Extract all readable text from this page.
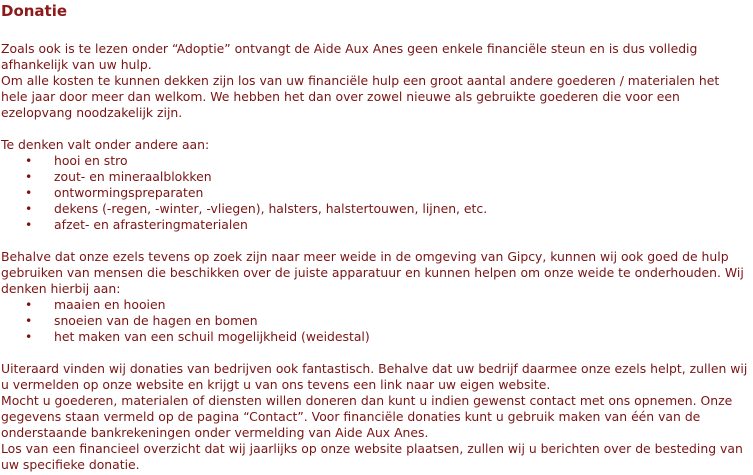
Donatie

Zoals ook is te lezen onder “Adoptie” ontvangt de Aide Aux Anes geen enkele financiële steun en is dus volledig afhankelijk van uw hulp.

Om alle kosten te kunnen dekken zijn los van uw financiële hulp een groot aantal andere goederen / materialen het hele jaar door meer dan welkom. We hebben het dan over zowel nieuwe als gebruikte goederen die voor een ezelopvang noodzakelijk zijn.

Te denken valt onder andere aan:

• hooi en stro
• zout- en mineraalblokken
• ontwormingspreparaten
• dekens (-regen, -winter, -vliegen), halsters, halstertouwen, lijnen, etc.
• afzet- en afrasteringmaterialen

Behalve dat onze ezels tevens op zoek zijn naar meer weide in de omgeving van Gipcy, kunnen wij ook goed de hulp gebruiken van mensen die beschikken over de juiste apparatuur en kunnen helpen om onze weide te onderhouden. Wij denken hierbij aan:

• maaien en hooien
• snoeien van de hagen en bomen
• het maken van een schuil mogelijkheid (weidestal)

Uiteraard vinden wij donaties van bedrijven ook fantastisch. Behalve dat uw bedrijf daarmee onze ezels helpt, zullen wij u vermelden op onze website en krijgt u van ons tevens een link naar uw eigen website.

Mocht u goederen, materialen of diensten willen doneren dan kunt u indien gewenst contact met ons opnemen. Onze gegevens staan vermeld op de pagina “Contact”. Voor financiële donaties kunt u gebruik maken van één van de onderstaande bankrekeningen onder vermelding van Aide Aux Anes.

Los van een financieel overzicht dat wij jaarlijks op onze website plaatsen, zullen wij u berichten over de besteding van uw specifieke donatie.
